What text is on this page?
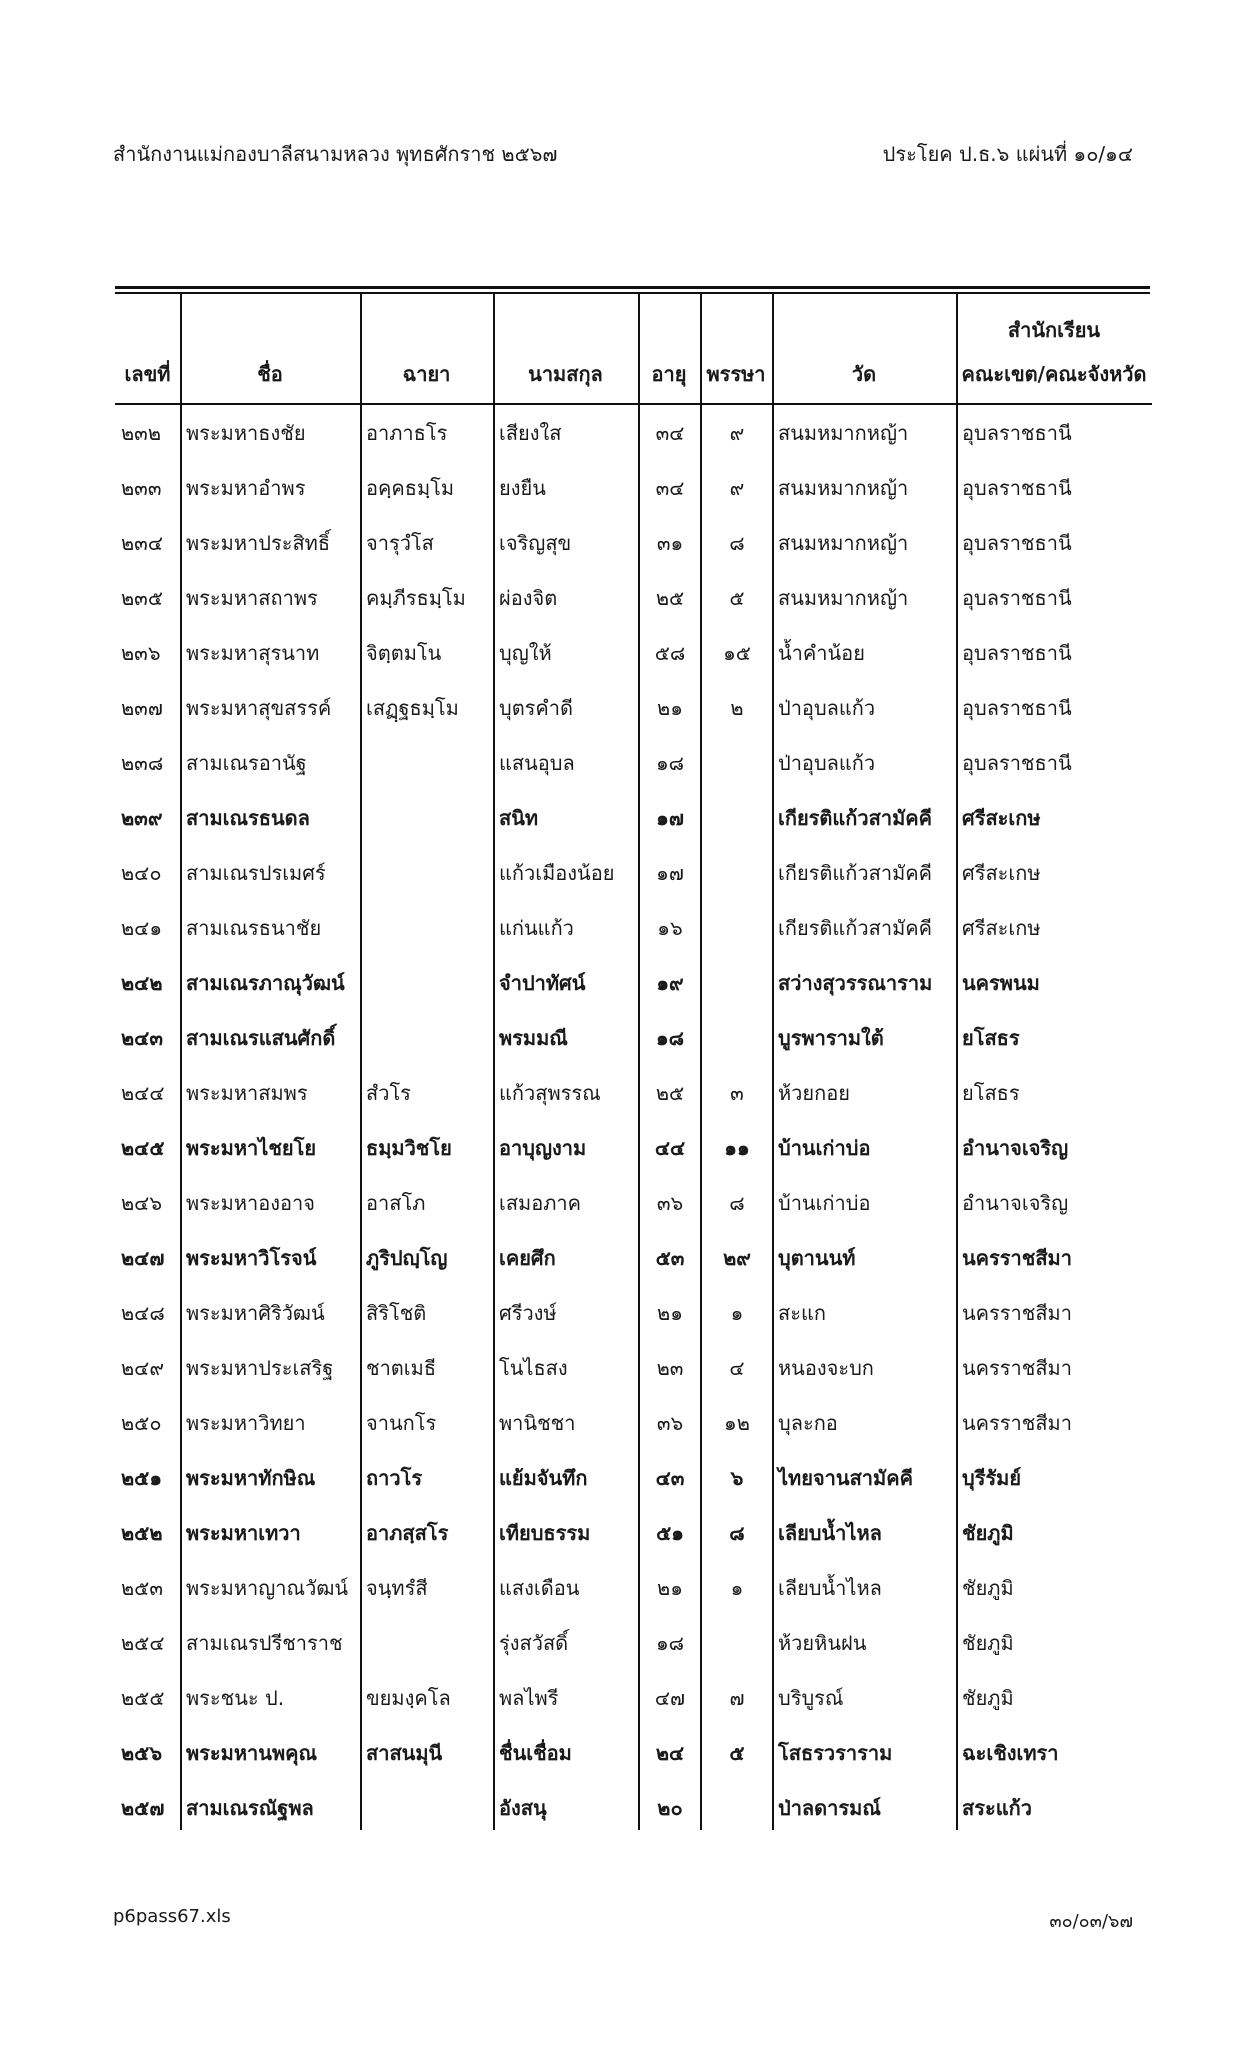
สำนักงานแม่กองบาลีสนามหลวง พุทธศักราช ๒๕๖๗	ประโยค ป.ธ.๖ แผ่นที่ ๑๐/๑๔
เลขที่	ชื่อ	ฉายา	นามสกุล	อายุ	พรรษา	วัด	สำนักเรียน
คณะเขต/คณะจังหวัด

๒๓๒	พระมหาธงชัย	อาภาธโร	เสียงใส	๓๔	๙	สนมหมากหญ้า	อุบลราชธานี
๒๓๓	พระมหาอำพร	อคฺคธมฺโม	ยงยืน	๓๔	๙	สนมหมากหญ้า	อุบลราชธานี
๒๓๔	พระมหาประสิทธิ์	จารุวํโส	เจริญสุข	๓๑	๘	สนมหมากหญ้า	อุบลราชธานี
๒๓๕	พระมหาสถาพร	คมฺภีรธมฺโม	ผ่องจิต	๒๕	๕	สนมหมากหญ้า	อุบลราชธานี
๒๓๖	พระมหาสุรนาท	จิตฺตมโน	บุญให้	๕๘	๑๕	น้ำคำน้อย	อุบลราชธานี
๒๓๗	พระมหาสุขสรรค์	เสฏฺฐธมฺโม	บุตรคำดี	๒๑	๒	ป่าอุบลแก้ว	อุบลราชธานี
๒๓๘	สามเณรอานัฐ		แสนอุบล	๑๘		ป่าอุบลแก้ว	อุบลราชธานี
๒๓๙	สามเณรธนดล		สนิท	๑๗		เกียรติแก้วสามัคคี	ศรีสะเกษ
๒๔๐	สามเณรปรเมศร์		แก้วเมืองน้อย	๑๗		เกียรติแก้วสามัคคี	ศรีสะเกษ
๒๔๑	สามเณรธนาชัย		แก่นแก้ว	๑๖		เกียรติแก้วสามัคคี	ศรีสะเกษ
๒๔๒	สามเณรภาณุวัฒน์		จำปาทัศน์	๑๙		สว่างสุวรรณาราม	นครพนม
๒๔๓	สามเณรแสนศักดิ์		พรมมณี	๑๘		บูรพารามใต้	ยโสธร
๒๔๔	พระมหาสมพร	สํวโร	แก้วสุพรรณ	๒๕	๓	ห้วยกอย	ยโสธร
๒๔๕	พระมหาไชยโย	ธมฺมวิชโย	อาบุญงาม	๔๔	๑๑	บ้านเก่าบ่อ	อำนาจเจริญ
๒๔๖	พระมหาองอาจ	อาสโภ	เสมอภาค	๓๖	๘	บ้านเก่าบ่อ	อำนาจเจริญ
๒๔๗	พระมหาวิโรจน์	ภูริปญฺโญ	เคยศึก	๕๓	๒๙	บุตานนท์	นครราชสีมา
๒๔๘	พระมหาศิริวัฒน์	สิริโชติ	ศรีวงษ์	๒๑	๑	สะแก	นครราชสีมา
๒๔๙	พระมหาประเสริฐ	ชาตเมธี	โนไธสง	๒๓	๔	หนองจะบก	นครราชสีมา
๒๕๐	พระมหาวิทยา	จานกโร	พานิชชา	๓๖	๑๒	บุละกอ	นครราชสีมา
๒๕๑	พระมหาทักษิณ	ถาวโร	แย้มจันทึก	๔๓	๖	ไทยจานสามัคคี	บุรีรัมย์
๒๕๒	พระมหาเทวา	อาภสฺสโร	เทียบธรรม	๕๑	๘	เลียบน้ำไหล	ชัยภูมิ
๒๕๓	พระมหาญาณวัฒน์	จนฺทรํสี	แสงเดือน	๒๑	๑	เลียบน้ำไหล	ชัยภูมิ
๒๕๔	สามเณรปรีชาราช		รุ่งสวัสดิ์	๑๘		ห้วยหินฝน	ชัยภูมิ
๒๕๕	พระชนะ ป.	ขยมงฺคโล	พลไพรี	๔๗	๗	บริบูรณ์	ชัยภูมิ
๒๕๖	พระมหานพคุณ	สาสนมุนี	ชื่นเชื่อม	๒๔	๕	โสธรวราราม	ฉะเชิงเทรา
๒๕๗	สามเณรณัฐพล		อังสนุ	๒๐		ป่าลดารมณ์	สระแก้ว
p6pass67.xls	๓๐/๐๓/๖๗
